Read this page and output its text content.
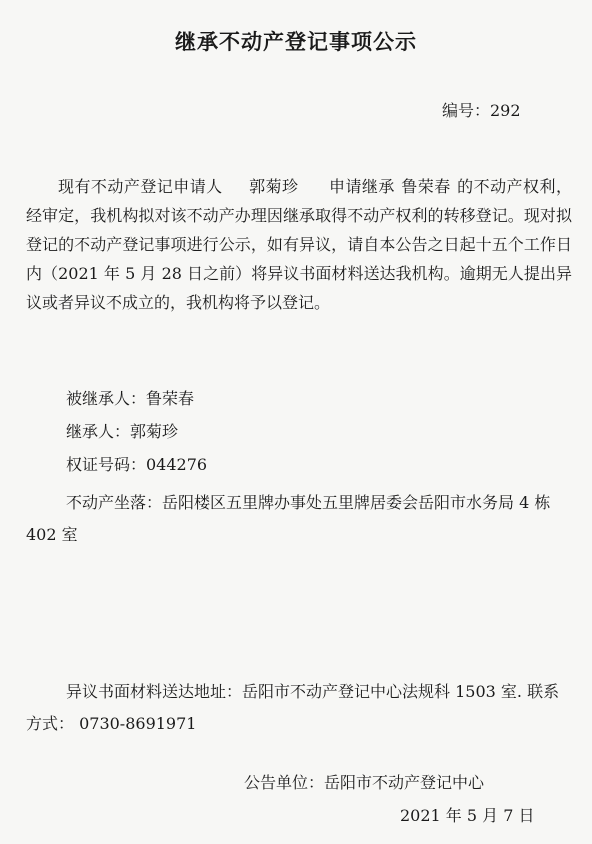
继承不动产登记事项公示
编号：292

现有不动产登记申请人 郭菊珍 申请继承 鲁荣春 的不动产权利，经审定，我机构拟对该不动产办理因继承取得不动产权利的转移登记。现对拟登记的不动产登记事项进行公示，如有异议，请自本公告之日起十五个工作日内（2021 年 5 月 28 日之前）将异议书面材料送达我机构。逾期无人提出异议或者异议不成立的，我机构将予以登记。

被继承人：鲁荣春
继承人：郭菊珍
权证号码：044276

不动产坐落：岳阳楼区五里牌办事处五里牌居委会岳阳市水务局 4 栋 402 室

异议书面材料送达地址：岳阳市不动产登记中心法规科 1503 室. 联系方式： 0730-8691971

公告单位：岳阳市不动产登记中心
2021 年 5 月 7 日
